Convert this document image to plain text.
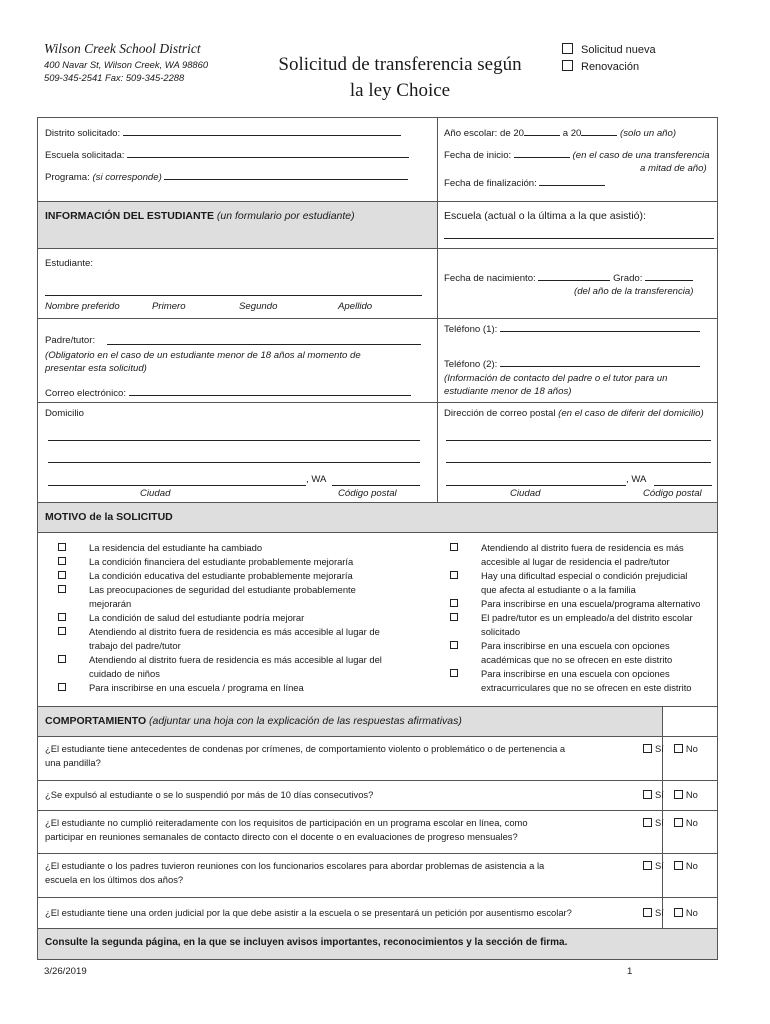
Wilson Creek School District
400 Navar St, Wilson Creek, WA 98860
509-345-2541 Fax: 509-345-2288
Solicitud de transferencia según
la ley Choice
Solicitud nueva
Renovación
Distrito solicitado:
Escuela solicitada:
Programa: (si corresponde)
Año escolar: de 20	a 20	(solo un año)
Fecha de inicio:	(en el caso de una transferencia
a mitad de año)
Fecha de finalización:
INFORMACIÓN DEL ESTUDIANTE (un formulario por estudiante)	Escuela (actual o la última a la que asistió):
Estudiante:
Nombre preferido	Primero	Segundo	Apellido
Fecha de nacimiento:	Grado:
(del año de la transferencia)
Padre/tutor:
(Obligatorio en el caso de un estudiante menor de 18 años al momento de
presentar esta solicitud)
Correo electrónico:
Teléfono (1):
Teléfono (2):
(Información de contacto del padre o el tutor para un
estudiante menor de 18 años)
Domicilio
, WA
Ciudad	Código postal
Dirección de correo postal (en el caso de diferir del domicilio)
, WA
Ciudad	Código postal
MOTIVO de la SOLICITUD
La residencia del estudiante ha cambiado
La condición financiera del estudiante probablemente mejoraría
La condición educativa del estudiante probablemente mejoraría
Las preocupaciones de seguridad del estudiante probablemente
mejorarán
La condición de salud del estudiante podría mejorar
Atendiendo al distrito fuera de residencia es más accesible al lugar de
trabajo del padre/tutor
Atendiendo al distrito fuera de residencia es más accesible al lugar del
cuidado de niños
Para inscribirse en una escuela / programa en línea
Atendiendo al distrito fuera de residencia es más
accesible al lugar de residencia el padre/tutor
Hay una dificultad especial o condición prejudicial
que afecta al estudiante o a la familia
Para inscribirse en una escuela/programa alternativo
El padre/tutor es un empleado/a del distrito escolar
solicitado
Para inscribirse en una escuela con opciones
académicas que no se ofrecen en este distrito
Para inscribirse en una escuela con opciones
extracurriculares que no se ofrecen en este distrito
COMPORTAMIENTO (adjuntar una hoja con la explicación de las respuestas afirmativas)
¿El estudiante tiene antecedentes de condenas por crímenes, de comportamiento violento o problemático o de pertenencia a
una pandilla?
Sí No
¿Se expulsó al estudiante o se lo suspendió por más de 10 días consecutivos?	Sí No
¿El estudiante no cumplió reiteradamente con los requisitos de participación en un programa escolar en línea, como
participar en reuniones semanales de contacto directo con el docente o en evaluaciones de progreso mensuales?
Sí No
¿El estudiante o los padres tuvieron reuniones con los funcionarios escolares para abordar problemas de asistencia a la
escuela en los últimos dos años?
Sí No
¿El estudiante tiene una orden judicial por la que debe asistir a la escuela o se presentará un petición por ausentismo escolar?	Sí No
Consulte la segunda página, en la que se incluyen avisos importantes, reconocimientos y la sección de firma.
3/26/2019	1
